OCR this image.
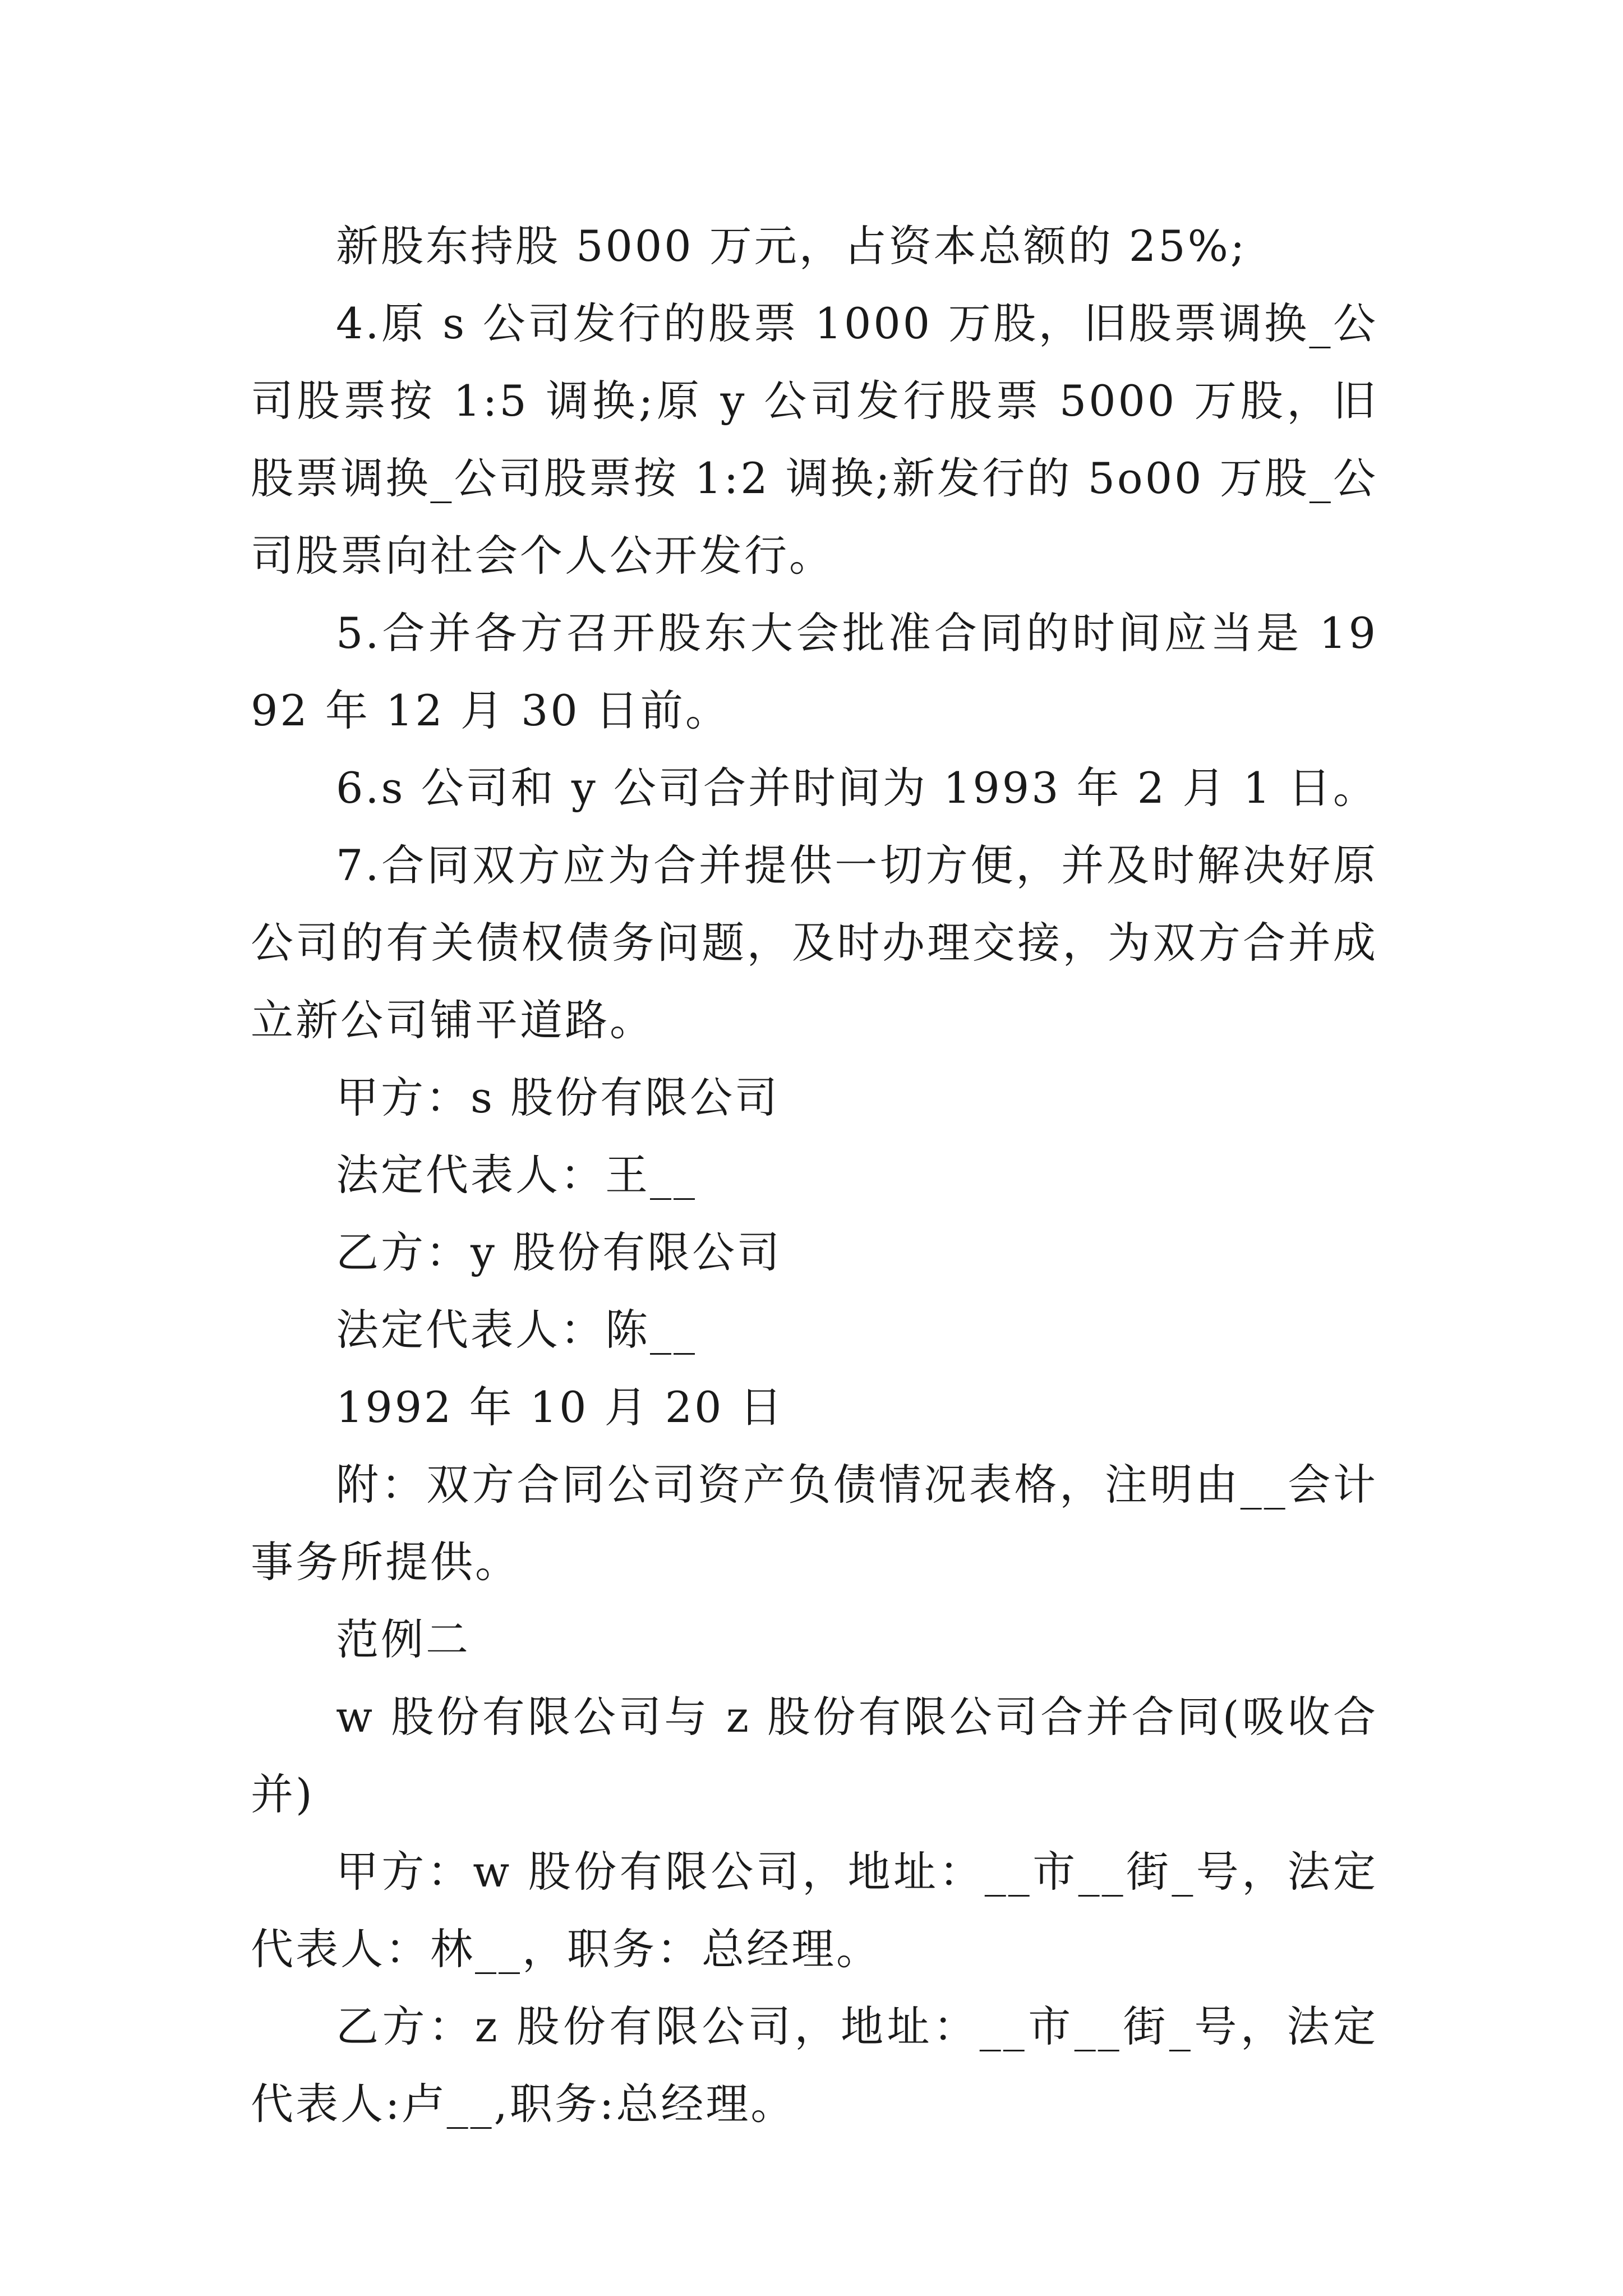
新股东持股 5000 万元，占资本总额的 25%;

4.原 s 公司发行的股票 1000 万股，旧股票调换_公司股票按 1:5 调换;原 y 公司发行股票 5000 万股，旧股票调换_公司股票按 1:2 调换;新发行的 5o00 万股_公司股票向社会个人公开发行。

5.合并各方召开股东大会批准合同的时间应当是 1992 年 12 月 30 日前。

6.s 公司和 y 公司合并时间为 1993 年 2 月 1 日。

7.合同双方应为合并提供一切方便，并及时解决好原公司的有关债权债务问题，及时办理交接，为双方合并成立新公司铺平道路。

甲方：s 股份有限公司

法定代表人：王__

乙方：y 股份有限公司

法定代表人：陈__

1992 年 10 月 20 日

附：双方合同公司资产负债情况表格，注明由__会计事务所提供。

范例二

w 股份有限公司与 z 股份有限公司合并合同(吸收合并)

甲方：w 股份有限公司，地址：__市__街_号，法定代表人：林__，职务：总经理。

乙方：z 股份有限公司，地址：__市__街_号，法定代表人:卢__,职务:总经理。
